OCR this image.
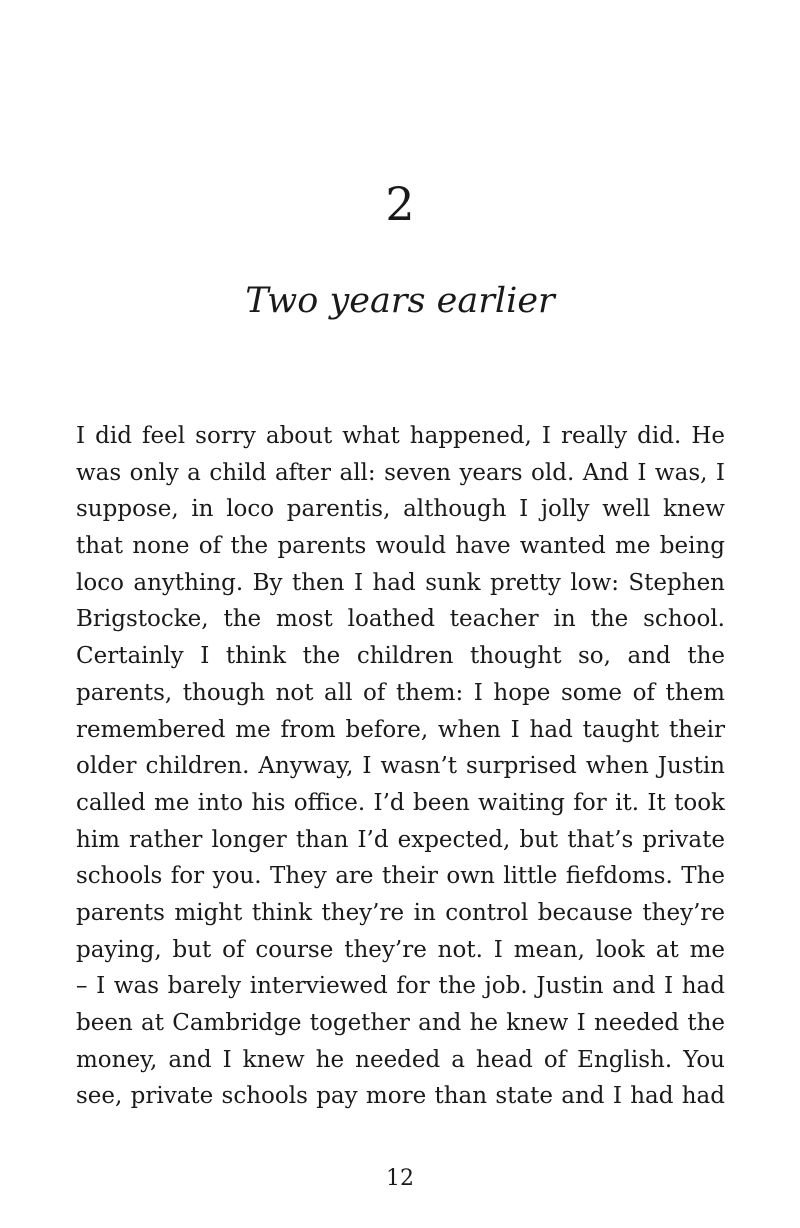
2
Two years earlier
I did feel sorry about what happened, I really did. He
was only a child after all: seven years old. And I was, I
suppose, in loco parentis, although I jolly well knew
that none of the parents would have wanted me being
loco anything. By then I had sunk pretty low: Stephen
Brigstocke, the most loathed teacher in the school.
Certainly I think the children thought so, and the
parents, though not all of them: I hope some of them
remembered me from before, when I had taught their
older children. Anyway, I wasn’t surprised when Justin
called me into his office. I’d been waiting for it. It took
him rather longer than I’d expected, but that’s private
schools for you. They are their own little fiefdoms. The
parents might think they’re in control because they’re
paying, but of course they’re not. I mean, look at me
– I was barely interviewed for the job. Justin and I had
been at Cambridge together and he knew I needed the
money, and I knew he needed a head of English. You
see, private schools pay more than state and I had had
12
